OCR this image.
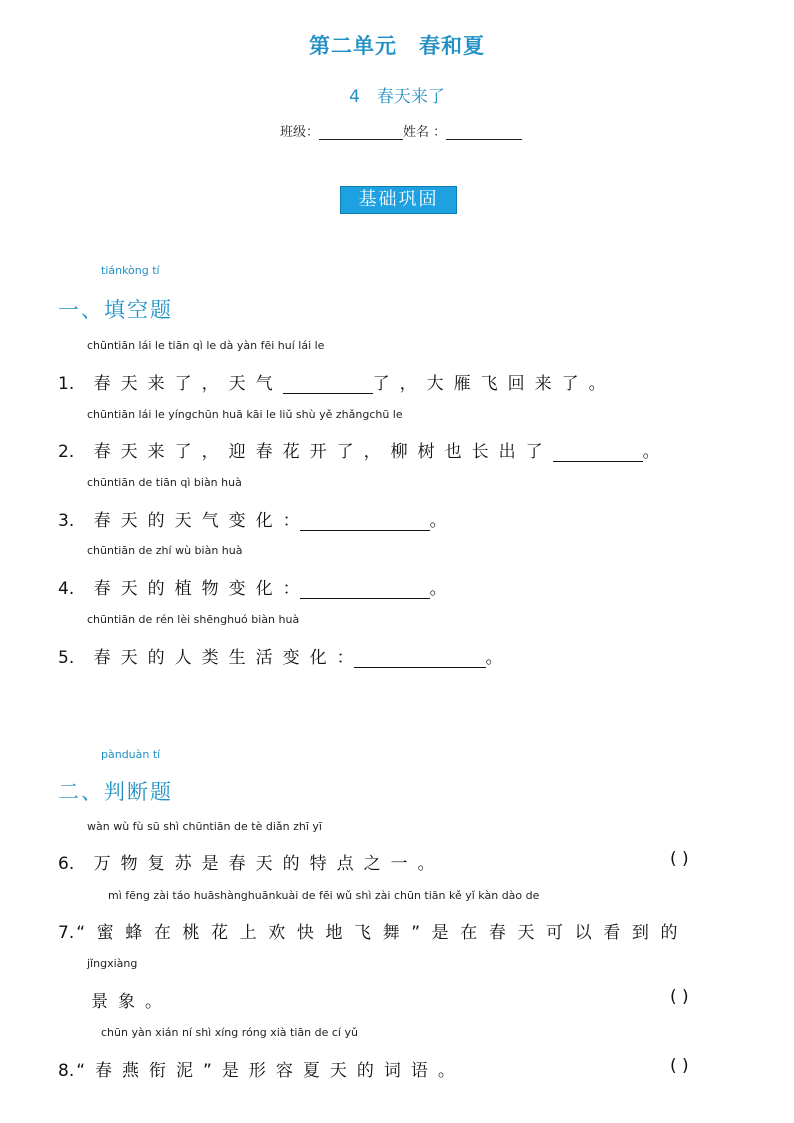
第二单元　春和夏
4　春天来了
班级：	姓名 ：
基础巩固
tiánkòng tí
一、填空题
chūntiān lái le tiān qì le dà yàn fēi huí lái le
1. 春天来了，天气	了，大雁飞回来了。
chūntiān lái le yíngchūn huā kāi le liǔ shù yě zhǎngchū le
2. 春天来了，迎春花开了，柳树也长出了	。
chūntiān de tiān qì biàn huà
3. 春天的天气变化：	。
chūntiān de zhí wù biàn huà
4. 春天的植物变化：	。
chūntiān de rén lèi shēnghuó biàn huà
5. 春天的人类生活变化：	。
pànduàn tí
二、判断题
wàn wù fù sū shì chūntiān de tè diǎn zhī yī
6. 万物复苏是春天的特点之一。	( )
mì fēng zài táo huāshànghuānkuài de fēi wǔ shì zài chūn tiān kě yǐ kàn dào de
7. “蜜蜂在桃花上欢快地飞舞”是在春天可以看到的
jǐngxiàng
景象。	( )
chūn yàn xián ní shì xíng róng xià tiān de cí yǔ
8. “春燕衔泥”是形容夏天的词语。	( )
